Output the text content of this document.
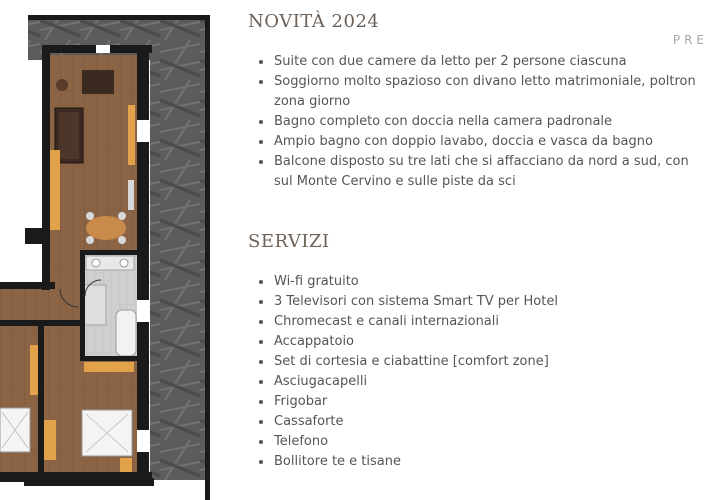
NOVITÀ 2024
PRE
Suite con due camere da letto per 2 persone ciascuna
Soggiorno molto spazioso con divano letto matrimoniale, poltron
zona giorno
Bagno completo con doccia nella camera padronale
Ampio bagno con doppio lavabo, doccia e vasca da bagno
Balcone disposto su tre lati che si affacciano da nord a sud, con
sul Monte Cervino e sulle piste da sci
SERVIZI
Wi-fi gratuito
3 Televisori con sistema Smart TV per Hotel
Chromecast e canali internazionali
Accappatoio
Set di cortesia e ciabattine [comfort zone]
Asciugacapelli
Frigobar
Cassaforte
Telefono
Bollitore te e tisane
